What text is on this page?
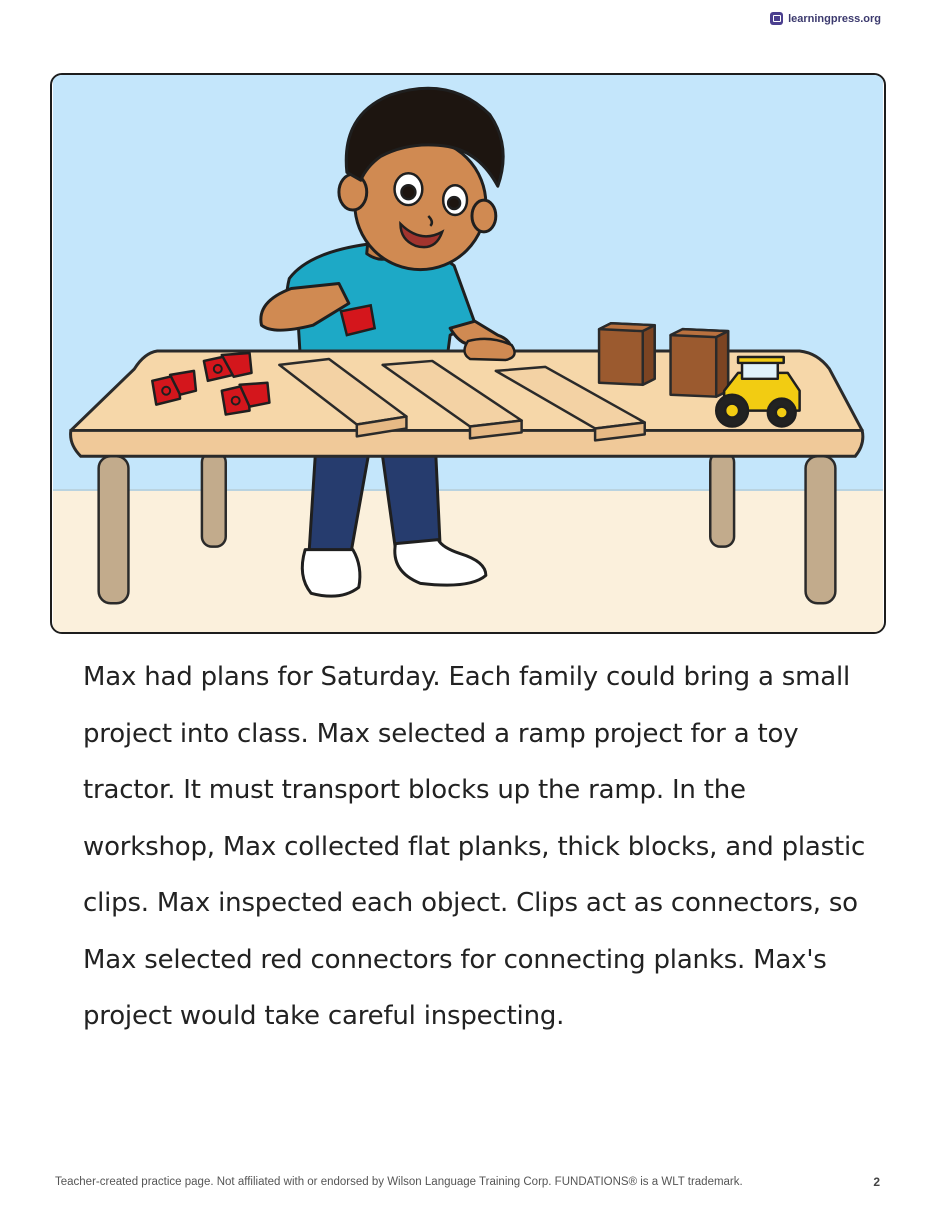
learningpress.org

Max had plans for Saturday. Each family could bring a small project into class. Max selected a ramp project for a toy tractor. It must transport blocks up the ramp. In the workshop, Max collected flat planks, thick blocks, and plastic clips. Max inspected each object. Clips act as connectors, so Max selected red connectors for connecting planks. Max's project would take careful inspecting.

Teacher-created practice page. Not affiliated with or endorsed by Wilson Language Training Corp. FUNDATIONS® is a WLT trademark.	2
